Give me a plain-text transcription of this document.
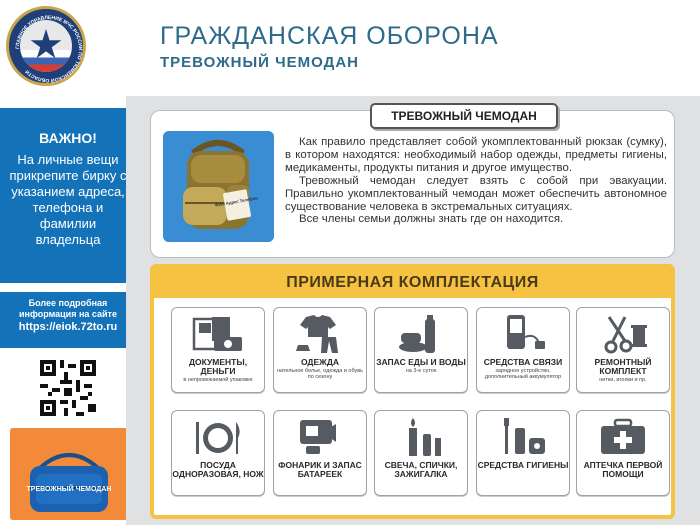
ГЛАВНОЕ УПРАВЛЕНИЕ МЧС РОССИИ ПО ТЮМЕНСКОЙ ОБЛАСТИ
ГРАЖДАНСКАЯ ОБОРОНА
ТРЕВОЖНЫЙ ЧЕМОДАН
ВАЖНО!
На личные вещи прикрепите бирку с указанием адреса, телефона и фамилии владельца
Более подробная информация на сайте
https://eiok.72to.ru
ТРЕВОЖНЫЙ ЧЕМОДАН
ФИО Адрес Телефон
ТРЕВОЖНЫЙ ЧЕМОДАН

Как правило представляет собой укомплектованный рюкзак (сумку), в котором находятся: необходимый набор одежды, предметы гигиены, медикаменты, продукты питания и другое имущество.

Тревожный чемодан следует взять с собой при эвакуации. Правильно укомплектованный чемодан может обеспечить автономное существование человека в экстремальных ситуациях.

Все члены семьи должны знать где он находится.

ПРИМЕРНАЯ КОМПЛЕКТАЦИЯ
ДОКУМЕНТЫ, ДЕНЬГИ
в непромокаемой упаковке
ОДЕЖДА
нательное белье, одежда и обувь по сезону
ЗАПАС ЕДЫ И ВОДЫ
на 3-е суток
СРЕДСТВА СВЯЗИ
зарядное устройство, дополнительный аккумулятор
РЕМОНТНЫЙ КОМПЛЕКТ
нитки, иголки и пр.
ПОСУДА ОДНОРАЗОВАЯ, НОЖ
ФОНАРИК И ЗАПАС БАТАРЕЕК
СВЕЧА, СПИЧКИ, ЗАЖИГАЛКА
СРЕДСТВА ГИГИЕНЫ	АПТЕЧКА ПЕРВОЙ ПОМОЩИ
